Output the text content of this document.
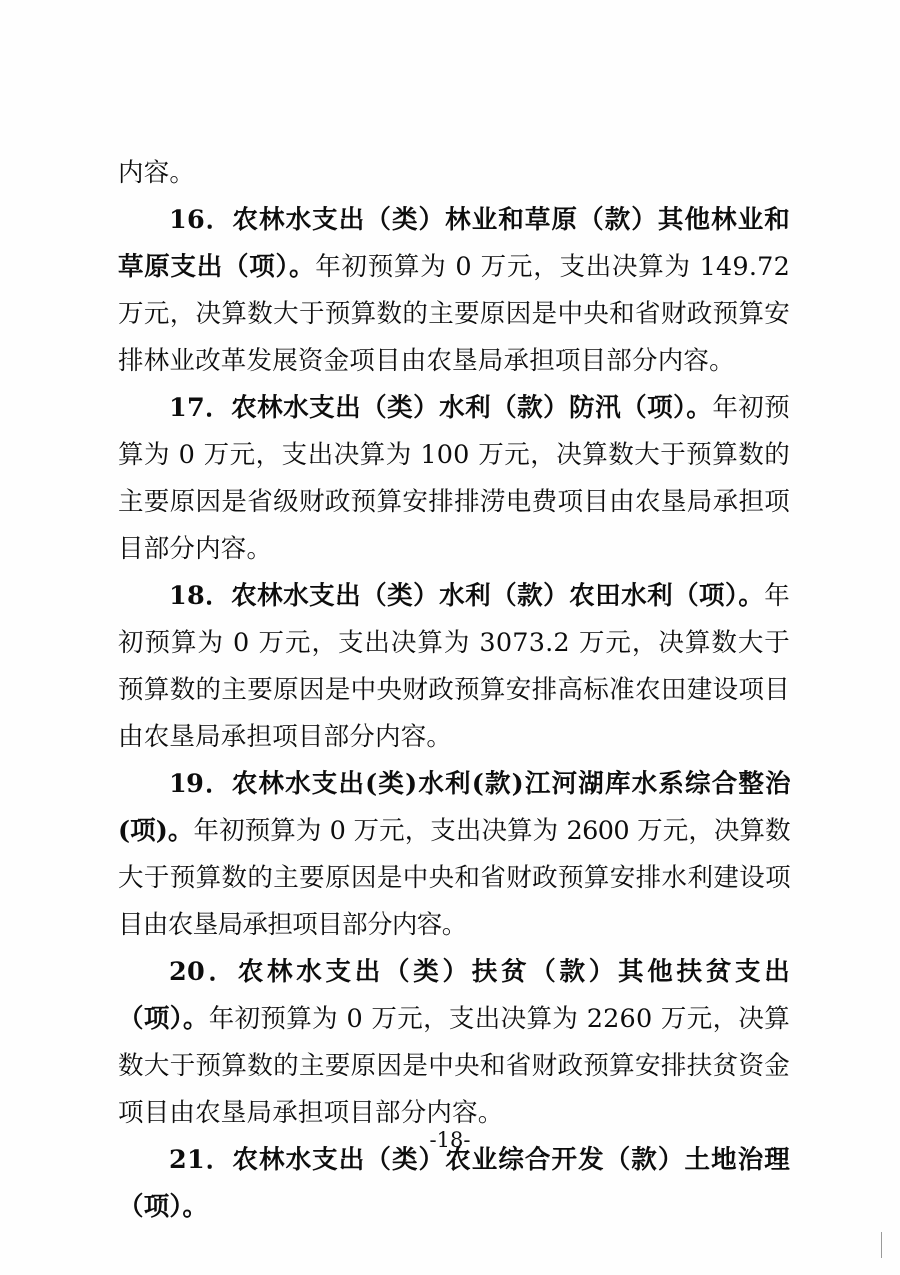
内容。

16．农林水支出（类）林业和草原（款）其他林业和草原支出（项）。年初预算为 0 万元，支出决算为 149.72 万元，决算数大于预算数的主要原因是中央和省财政预算安排林业改革发展资金项目由农垦局承担项目部分内容。

17．农林水支出（类）水利（款）防汛（项）。年初预算为 0 万元，支出决算为 100 万元，决算数大于预算数的主要原因是省级财政预算安排排涝电费项目由农垦局承担项目部分内容。

18．农林水支出（类）水利（款）农田水利（项）。年初预算为 0 万元，支出决算为 3073.2 万元，决算数大于预算数的主要原因是中央财政预算安排高标准农田建设项目由农垦局承担项目部分内容。

19．农林水支出(类)水利(款)江河湖库水系综合整治(项)。年初预算为 0 万元，支出决算为 2600 万元，决算数大于预算数的主要原因是中央和省财政预算安排水利建设项目由农垦局承担项目部分内容。

20．农林水支出（类）扶贫（款）其他扶贫支出（项）。年初预算为 0 万元，支出决算为 2260 万元，决算数大于预算数的主要原因是中央和省财政预算安排扶贫资金项目由农垦局承担项目部分内容。

21．农林水支出（类）农业综合开发（款）土地治理（项）。

-18-
